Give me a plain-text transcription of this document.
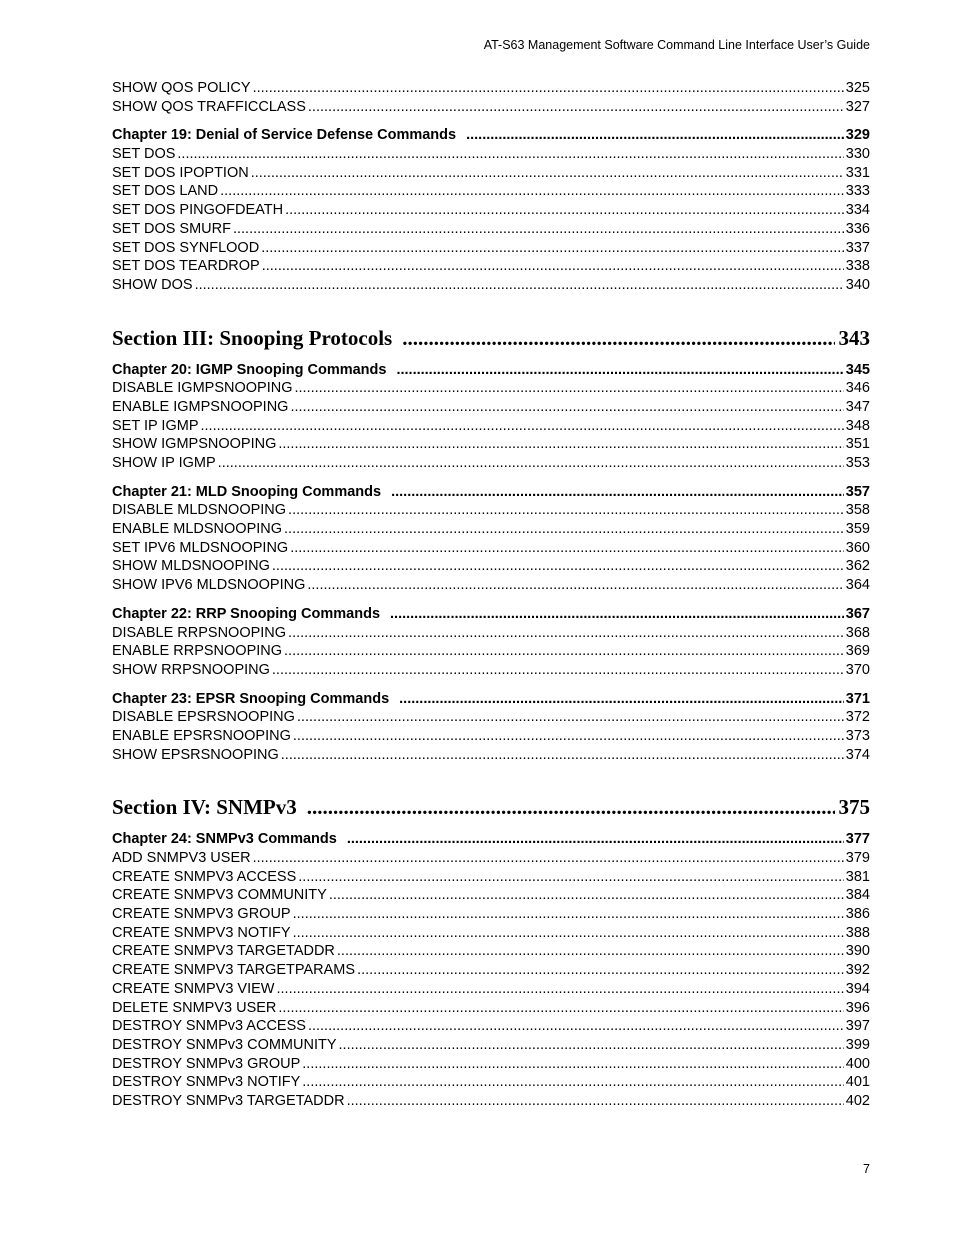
AT-S63 Management Software Command Line Interface User’s Guide
SHOW QOS POLICY .....	325
SHOW QOS TRAFFICCLASS .....	327
Chapter 19: Denial of Service Defense Commands .....	329
SET DOS .....	330
SET DOS IPOPTION .....	331
SET DOS LAND .....	333
SET DOS PINGOFDEATH .....	334
SET DOS SMURF .....	336
SET DOS SYNFLOOD .....	337
SET DOS TEARDROP .....	338
SHOW DOS .....	340
Section III: Snooping Protocols .....	343
Chapter 20: IGMP Snooping Commands .....	345
DISABLE IGMPSNOOPING .....	346
ENABLE IGMPSNOOPING .....	347
SET IP IGMP .....	348
SHOW IGMPSNOOPING .....	351
SHOW IP IGMP .....	353
Chapter 21: MLD Snooping Commands .....	357
DISABLE MLDSNOOPING .....	358
ENABLE MLDSNOOPING .....	359
SET IPV6 MLDSNOOPING .....	360
SHOW MLDSNOOPING .....	362
SHOW IPV6 MLDSNOOPING .....	364
Chapter 22: RRP Snooping Commands .....	367
DISABLE RRPSNOOPING .....	368
ENABLE RRPSNOOPING .....	369
SHOW RRPSNOOPING .....	370
Chapter 23: EPSR Snooping Commands .....	371
DISABLE EPSRSNOOPING .....	372
ENABLE EPSRSNOOPING .....	373
SHOW EPSRSNOOPING .....	374
Section IV: SNMPv3 .....	375
Chapter 24: SNMPv3 Commands .....	377
ADD SNMPV3 USER .....	379
CREATE SNMPV3 ACCESS .....	381
CREATE SNMPV3 COMMUNITY .....	384
CREATE SNMPV3 GROUP .....	386
CREATE SNMPV3 NOTIFY .....	388
CREATE SNMPV3 TARGETADDR .....	390
CREATE SNMPV3 TARGETPARAMS .....	392
CREATE SNMPV3 VIEW .....	394
DELETE SNMPV3 USER .....	396
DESTROY SNMPv3 ACCESS .....	397
DESTROY SNMPv3 COMMUNITY .....	399
DESTROY SNMPv3 GROUP .....	400
DESTROY SNMPv3 NOTIFY .....	401
DESTROY SNMPv3 TARGETADDR .....	402
7
